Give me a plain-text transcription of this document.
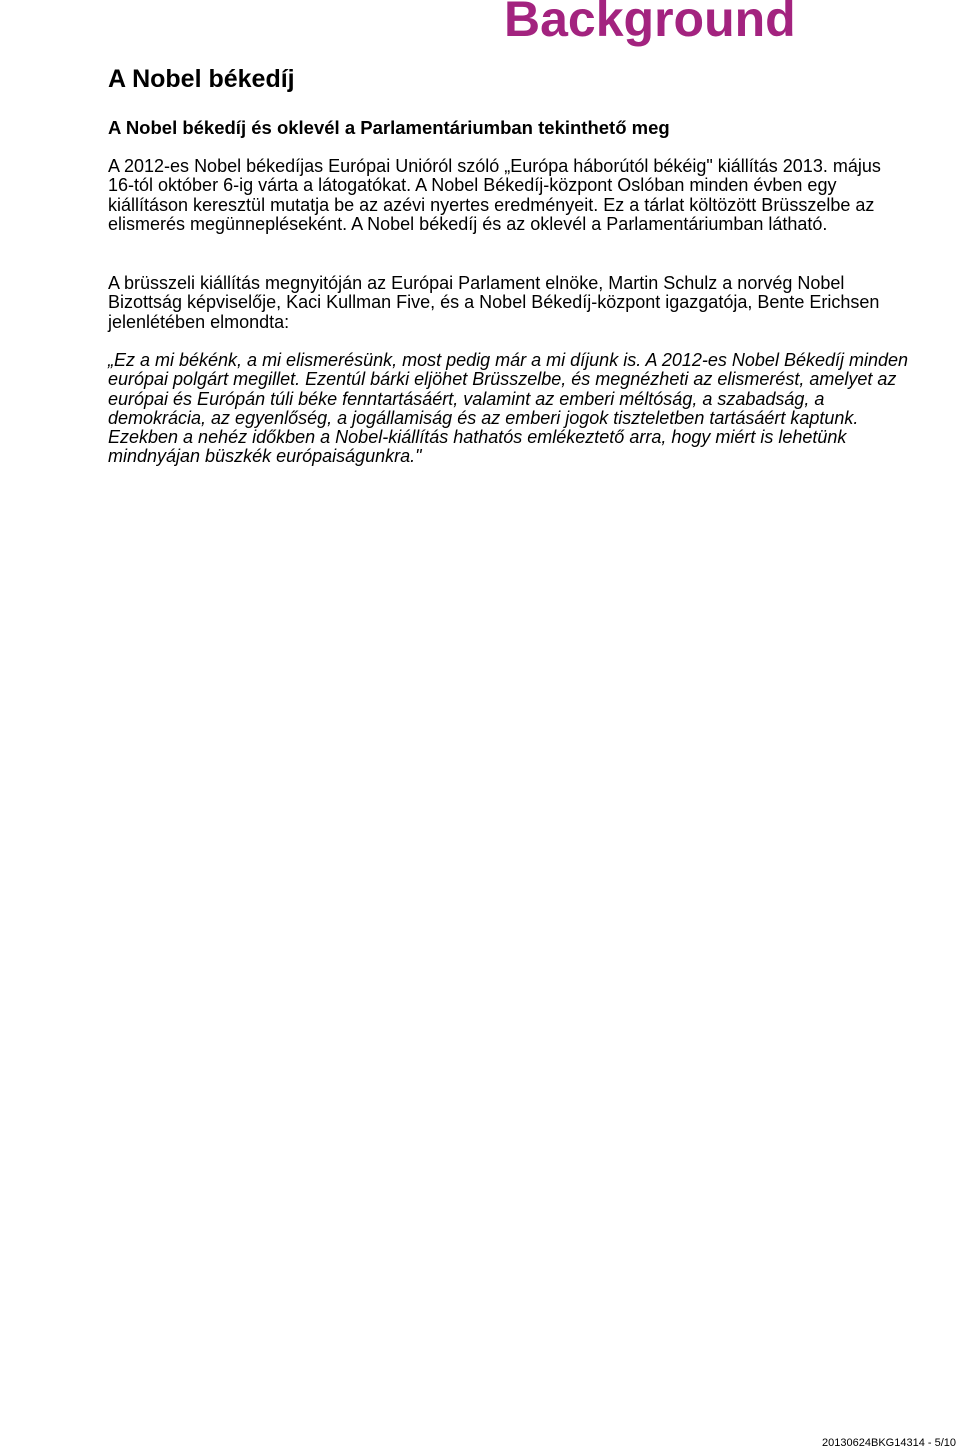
Background
A Nobel békedíj
A Nobel békedíj és oklevél a Parlamentáriumban tekinthető meg

A 2012-es Nobel békedíjas Európai Unióról szóló „Európa háborútól békéig" kiállítás 2013. május 16-tól október 6-ig várta a látogatókat. A Nobel Békedíj-központ Oslóban minden évben egy kiállításon keresztül mutatja be az azévi nyertes eredményeit. Ez a tárlat költözött Brüsszelbe az elismerés megünnepléseként. A Nobel békedíj és az oklevél a Parlamentáriumban látható.

A brüsszeli kiállítás megnyitóján az Európai Parlament elnöke, Martin Schulz a norvég Nobel Bizottság képviselője, Kaci Kullman Five, és a Nobel Békedíj-központ igazgatója, Bente Erichsen jelenlétében elmondta:

„Ez a mi békénk, a mi elismerésünk, most pedig már a mi díjunk is. A 2012-es Nobel Békedíj minden európai polgárt megillet. Ezentúl bárki eljöhet Brüsszelbe, és megnézheti az elismerést, amelyet az európai és Európán túli béke fenntartásáért, valamint az emberi méltóság, a szabadság, a demokrácia, az egyenlőség, a jogállamiság és az emberi jogok tiszteletben tartásáért kaptunk. Ezekben a nehéz időkben a Nobel-kiállítás hathatós emlékeztető arra, hogy miért is lehetünk mindnyájan büszkék európaiságunkra."

20130624BKG14314 - 5/10
